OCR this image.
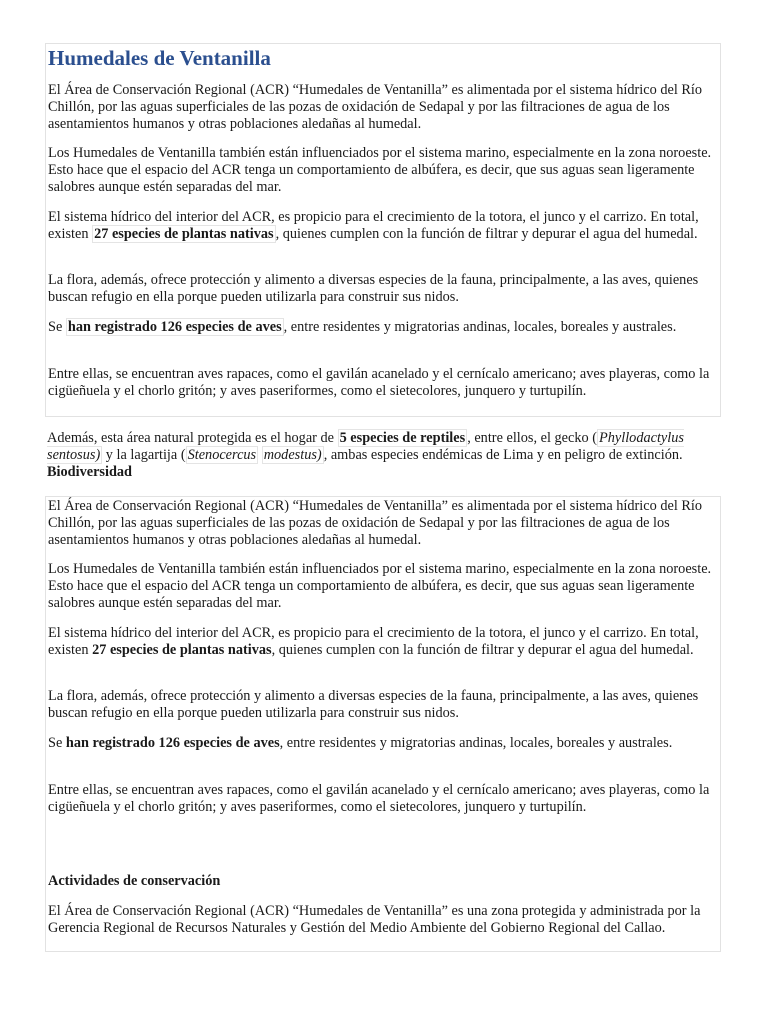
Humedales de Ventanilla

El Área de Conservación Regional (ACR) “Humedales de Ventanilla” es alimentada por el sistema hídrico del Río Chillón, por las aguas superficiales de las pozas de oxidación de Sedapal y por las filtraciones de agua de los asentamientos humanos y otras poblaciones aledañas al humedal.

Los Humedales de Ventanilla también están influenciados por el sistema marino, especialmente en la zona noroeste. Esto hace que el espacio del ACR tenga un comportamiento de albúfera, es decir, que sus aguas sean ligeramente salobres aunque estén separadas del mar.

El sistema hídrico del interior del ACR, es propicio para el crecimiento de la totora, el junco y el carrizo. En total, existen 27 especies de plantas nativas , quienes cumplen con la función de filtrar y depurar el agua del humedal.

La flora, además, ofrece protección y alimento a diversas especies de la fauna, principalmente, a las aves, quienes buscan refugio en ella porque pueden utilizarla para construir sus nidos.

Se han registrado 126 especies de aves , entre residentes y migratorias andinas, locales, boreales y australes.

Entre ellas, se encuentran aves rapaces, como el gavilán acanelado y el cernícalo americano; aves playeras, como la cigüeñuela y el chorlo gritón; y aves paseriformes, como el sietecolores, junquero y turtupilín.

Además, esta área natural protegida es el hogar de 5 especies de reptiles , entre ellos, el gecko ( Phyllodactylus sentosus) y la lagartija ( Stenocercus modestus) , ambas especies endémicas de Lima y en peligro de extinción. Biodiversidad

El Área de Conservación Regional (ACR) “Humedales de Ventanilla” es alimentada por el sistema hídrico del Río Chillón, por las aguas superficiales de las pozas de oxidación de Sedapal y por las filtraciones de agua de los asentamientos humanos y otras poblaciones aledañas al humedal.

Los Humedales de Ventanilla también están influenciados por el sistema marino, especialmente en la zona noroeste. Esto hace que el espacio del ACR tenga un comportamiento de albúfera, es decir, que sus aguas sean ligeramente salobres aunque estén separadas del mar.

El sistema hídrico del interior del ACR, es propicio para el crecimiento de la totora, el junco y el carrizo. En total, existen 27 especies de plantas nativas, quienes cumplen con la función de filtrar y depurar el agua del humedal.

La flora, además, ofrece protección y alimento a diversas especies de la fauna, principalmente, a las aves, quienes buscan refugio en ella porque pueden utilizarla para construir sus nidos.

Se han registrado 126 especies de aves, entre residentes y migratorias andinas, locales, boreales y australes.

Entre ellas, se encuentran aves rapaces, como el gavilán acanelado y el cernícalo americano; aves playeras, como la cigüeñuela y el chorlo gritón; y aves paseriformes, como el sietecolores, junquero y turtupilín.

Actividades de conservación

El Área de Conservación Regional (ACR) “Humedales de Ventanilla” es una zona protegida y administrada por la Gerencia Regional de Recursos Naturales y Gestión del Medio Ambiente del Gobierno Regional del Callao.
